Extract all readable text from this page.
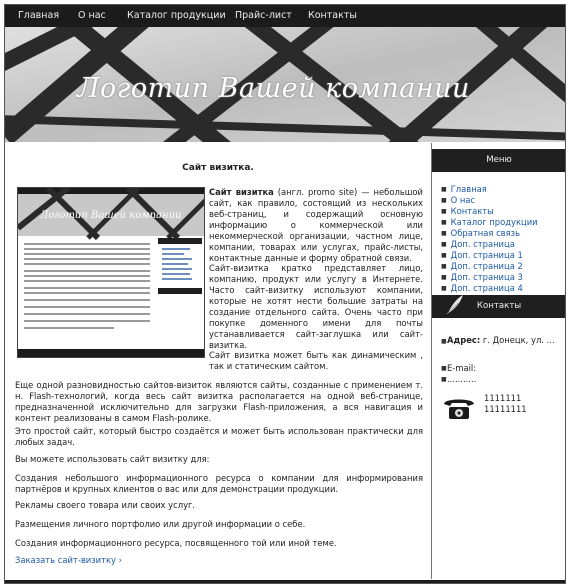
Главная О нас Каталог продукции Прайс-лист Контакты
Логотип Вашей компании
Сайт визитка.
Логотип Вашей компании
Сайт визитка (англ. promo site) — небольшой сайт, как правило, состоящий из нескольких веб-страниц, и содержащий основную информацию о коммерческой или некоммерческой организации, частном лице, компании, товарах или услугах, прайс-листы, контактные данные и форму обратной связи.
Сайт-визитка кратко представляет лицо, компанию, продукт или услугу в Интернете. Часто сайт-визитку используют компании, которые не хотят нести большие затраты на создание отдельного сайта. Очень часто при покупке доменного имени для почты устанавливается сайт-заглушка или сайт-визитка.
Сайт визитка может быть как динамическим , так и статическим сайтом.
Еще одной разновидностью сайтов-визиток являются сайты, созданные с применением т. н. Flash-технологий, когда весь сайт визитка располагается на одной веб-странице, предназначенной исключительно для загрузки Flash-приложения, а вся навигация и контент реализованы в самом Flash-ролике.
Это простой сайт, который быстро создаётся и может быть использован практически для любых задач.
Вы можете использовать сайт визитку для:
Создания небольшого информационного ресурса о компании для информирования партнёров и крупных клиентов о вас или для демонстрации продукции.
Рекламы своего товара или своих услуг.
Размещения личного портфолио или другой информации о себе.
Создания информационного ресурса, посвященного той или иной теме.
Заказать сайт-визитку ›
Меню
■ Главная
■ О нас
■ Контакты
■ Каталог продукции
■ Обратная связь
■ Доп. страница
■ Доп. страница 1
■ Доп. страница 2
■ Доп. страница 3
■ Доп. страница 4
Контакты
■ Адрес: г. Донецк, ул. ...
■ E-mail:
■ ...........
1111111
11111111
